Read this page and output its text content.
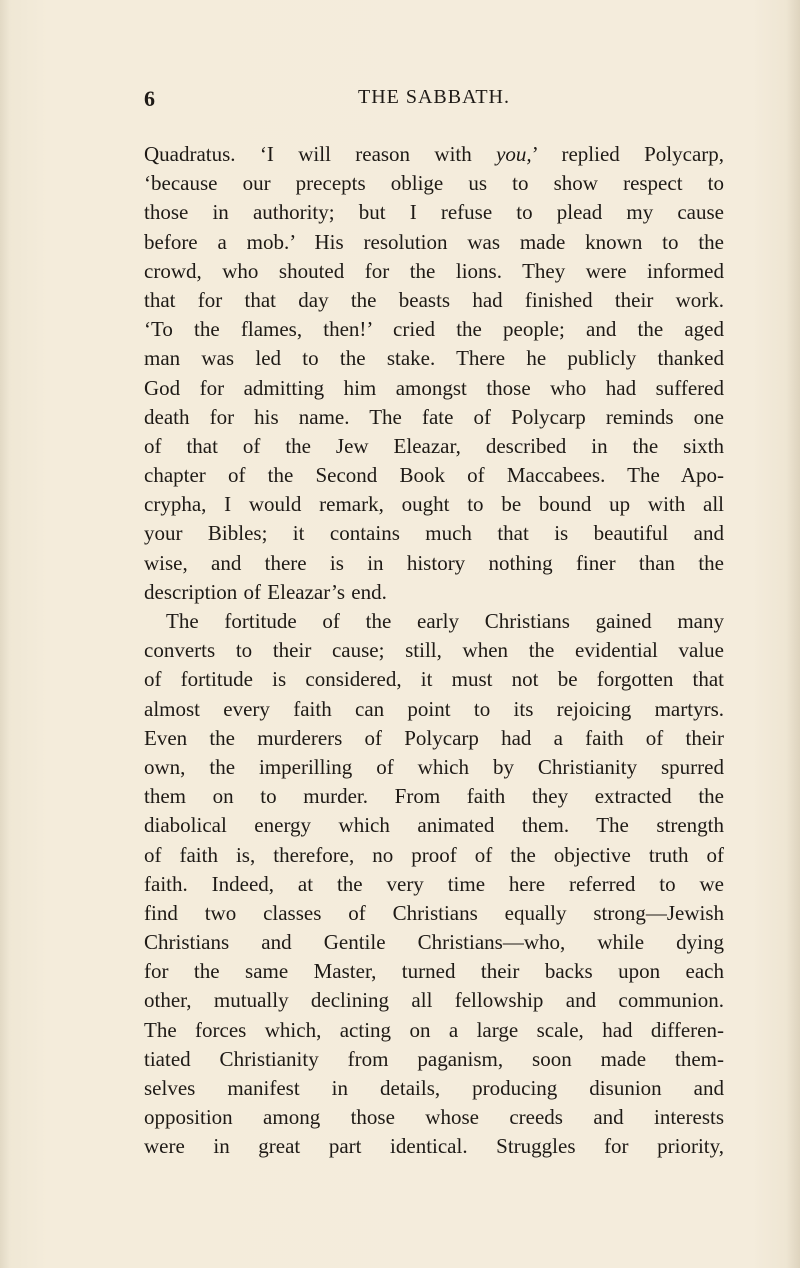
6	THE SABBATH.
Quadratus. ‘I will reason with you,’ replied Polycarp,
‘because our precepts oblige us to show respect to
those in authority; but I refuse to plead my cause
before a mob.’ His resolution was made known to the
crowd, who shouted for the lions. They were informed
that for that day the beasts had finished their work.
‘To the flames, then!’ cried the people; and the aged
man was led to the stake. There he publicly thanked
God for admitting him amongst those who had suffered
death for his name. The fate of Polycarp reminds one
of that of the Jew Eleazar, described in the sixth
chapter of the Second Book of Maccabees. The Apo-
crypha, I would remark, ought to be bound up with all
your Bibles; it contains much that is beautiful and
wise, and there is in history nothing finer than the
description of Eleazar’s end.
The fortitude of the early Christians gained many
converts to their cause; still, when the evidential value
of fortitude is considered, it must not be forgotten that
almost every faith can point to its rejoicing martyrs.
Even the murderers of Polycarp had a faith of their
own, the imperilling of which by Christianity spurred
them on to murder. From faith they extracted the
diabolical energy which animated them. The strength
of faith is, therefore, no proof of the objective truth of
faith. Indeed, at the very time here referred to we
find two classes of Christians equally strong—Jewish
Christians and Gentile Christians—who, while dying
for the same Master, turned their backs upon each
other, mutually declining all fellowship and communion.
The forces which, acting on a large scale, had differen-
tiated Christianity from paganism, soon made them-
selves manifest in details, producing disunion and
opposition among those whose creeds and interests
were in great part identical. Struggles for priority,
